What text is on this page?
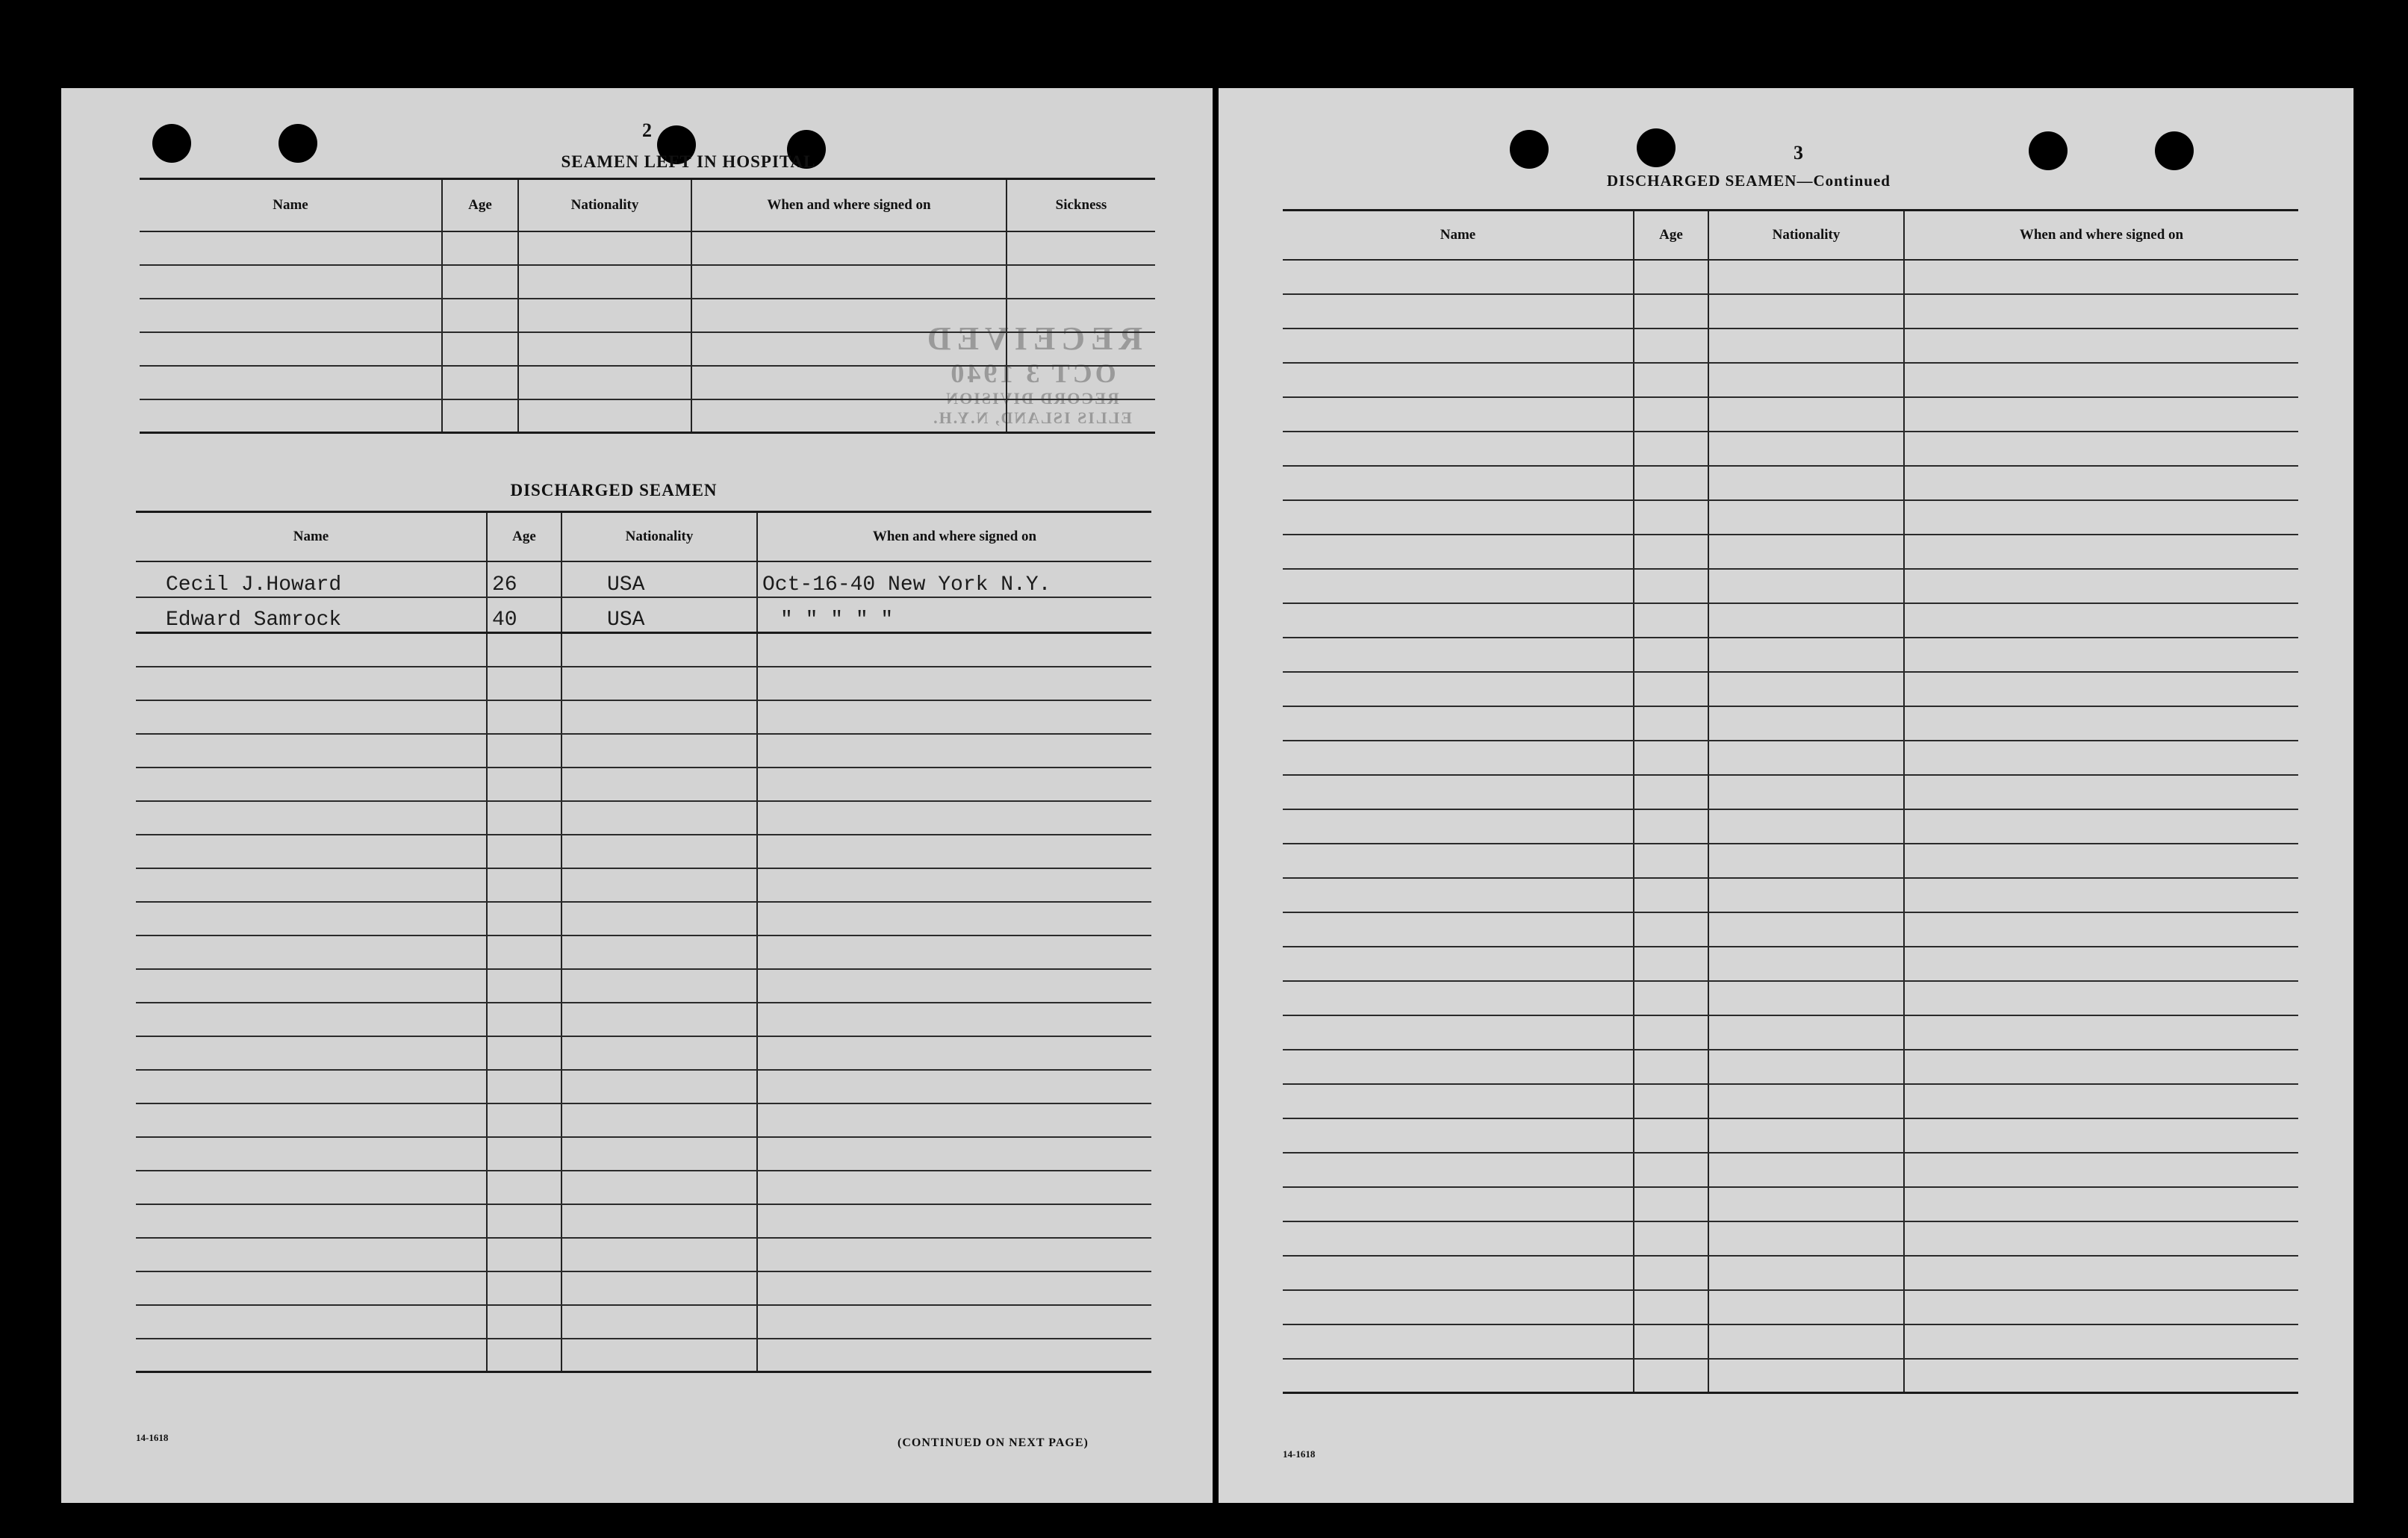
2
SEAMEN LEFT IN HOSPITAL
RECEIVED
OCT 3 1940
RECORD DIVISION
ELLIS ISLAND, N.Y.H.
Name	Age	Nationality	When and where signed on	Sickness

DISCHARGED SEAMEN
Name	Age	Nationality	When and where signed on
Cecil J.Howard	26	USA	Oct-16-40 New York N.Y.
Edward Samrock	40	USA	" " " " "

14-1618	(CONTINUED ON NEXT PAGE)
3
DISCHARGED SEAMEN—Continued
Name	Age	Nationality	When and where signed on

14-1618
